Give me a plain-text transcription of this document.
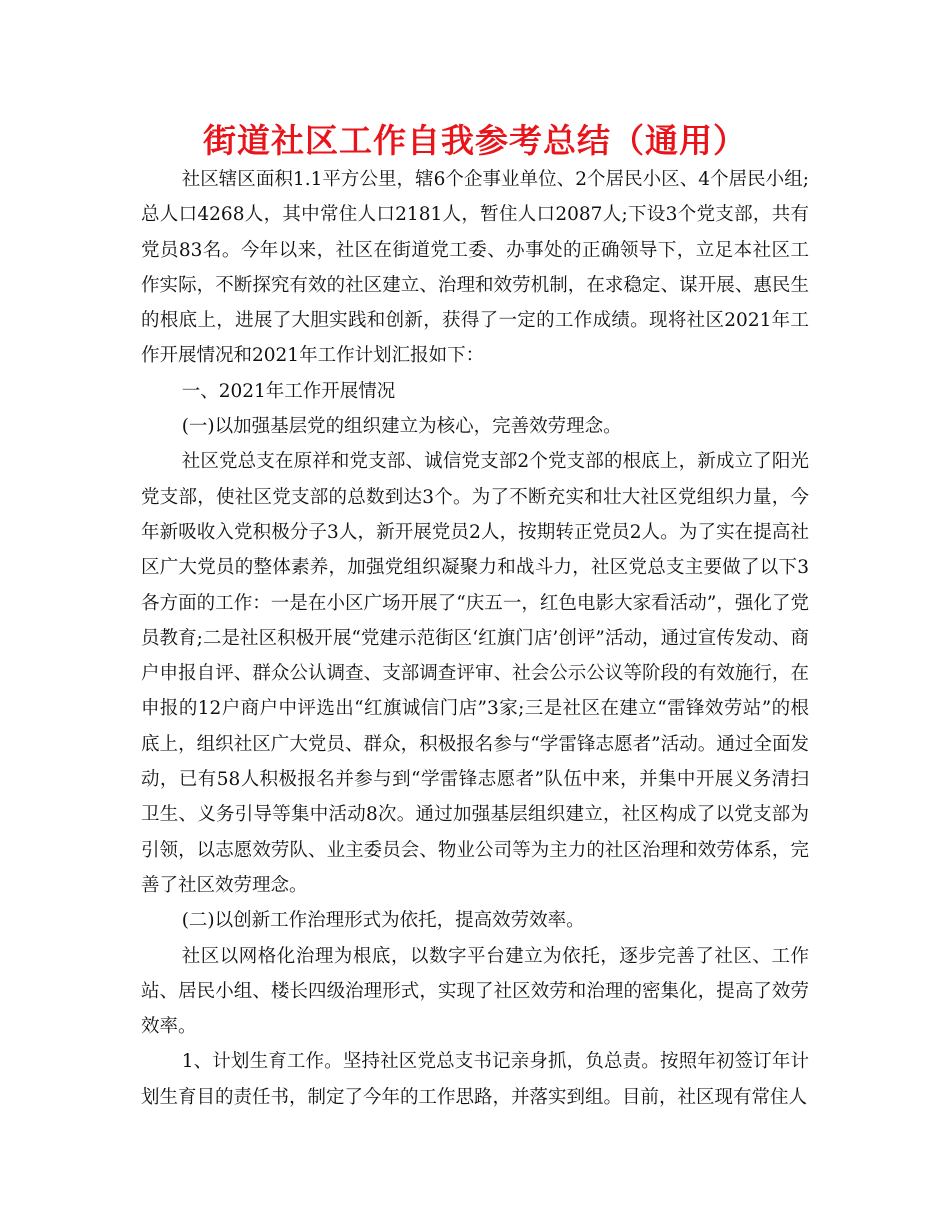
街道社区工作自我参考总结（通用）

社区辖区面积1.1平方公里，辖6个企事业单位、2个居民小区、4个居民小组;总人口4268人，其中常住人口2181人，暂住人口2087人;下设3个党支部，共有党员83名。今年以来，社区在街道党工委、办事处的正确领导下，立足本社区工作实际，不断探究有效的社区建立、治理和效劳机制，在求稳定、谋开展、惠民生的根底上，进展了大胆实践和创新，获得了一定的工作成绩。现将社区2021年工作开展情况和2021年工作计划汇报如下：

一、2021年工作开展情况

(一)以加强基层党的组织建立为核心，完善效劳理念。

社区党总支在原祥和党支部、诚信党支部2个党支部的根底上，新成立了阳光党支部，使社区党支部的总数到达3个。为了不断充实和壮大社区党组织力量，今年新吸收入党积极分子3人，新开展党员2人，按期转正党员2人。为了实在提高社区广大党员的整体素养，加强党组织凝聚力和战斗力，社区党总支主要做了以下3各方面的工作：一是在小区广场开展了“庆五一，红色电影大家看活动”，强化了党员教育;二是社区积极开展“党建示范街区‘红旗门店’创评”活动，通过宣传发动、商户申报自评、群众公认调查、支部调查评审、社会公示公议等阶段的有效施行，在申报的12户商户中评选出“红旗诚信门店”3家;三是社区在建立“雷锋效劳站”的根底上，组织社区广大党员、群众，积极报名参与“学雷锋志愿者”活动。通过全面发动，已有58人积极报名并参与到“学雷锋志愿者”队伍中来，并集中开展义务清扫卫生、义务引导等集中活动8次。通过加强基层组织建立，社区构成了以党支部为引领，以志愿效劳队、业主委员会、物业公司等为主力的社区治理和效劳体系，完善了社区效劳理念。

(二)以创新工作治理形式为依托，提高效劳效率。

社区以网格化治理为根底，以数字平台建立为依托，逐步完善了社区、工作站、居民小组、楼长四级治理形式，实现了社区效劳和治理的密集化，提高了效劳效率。

1、计划生育工作。坚持社区党总支书记亲身抓，负总责。按照年初签订年计划生育目的责任书，制定了今年的工作思路，并落实到组。目前，社区现有常住人
